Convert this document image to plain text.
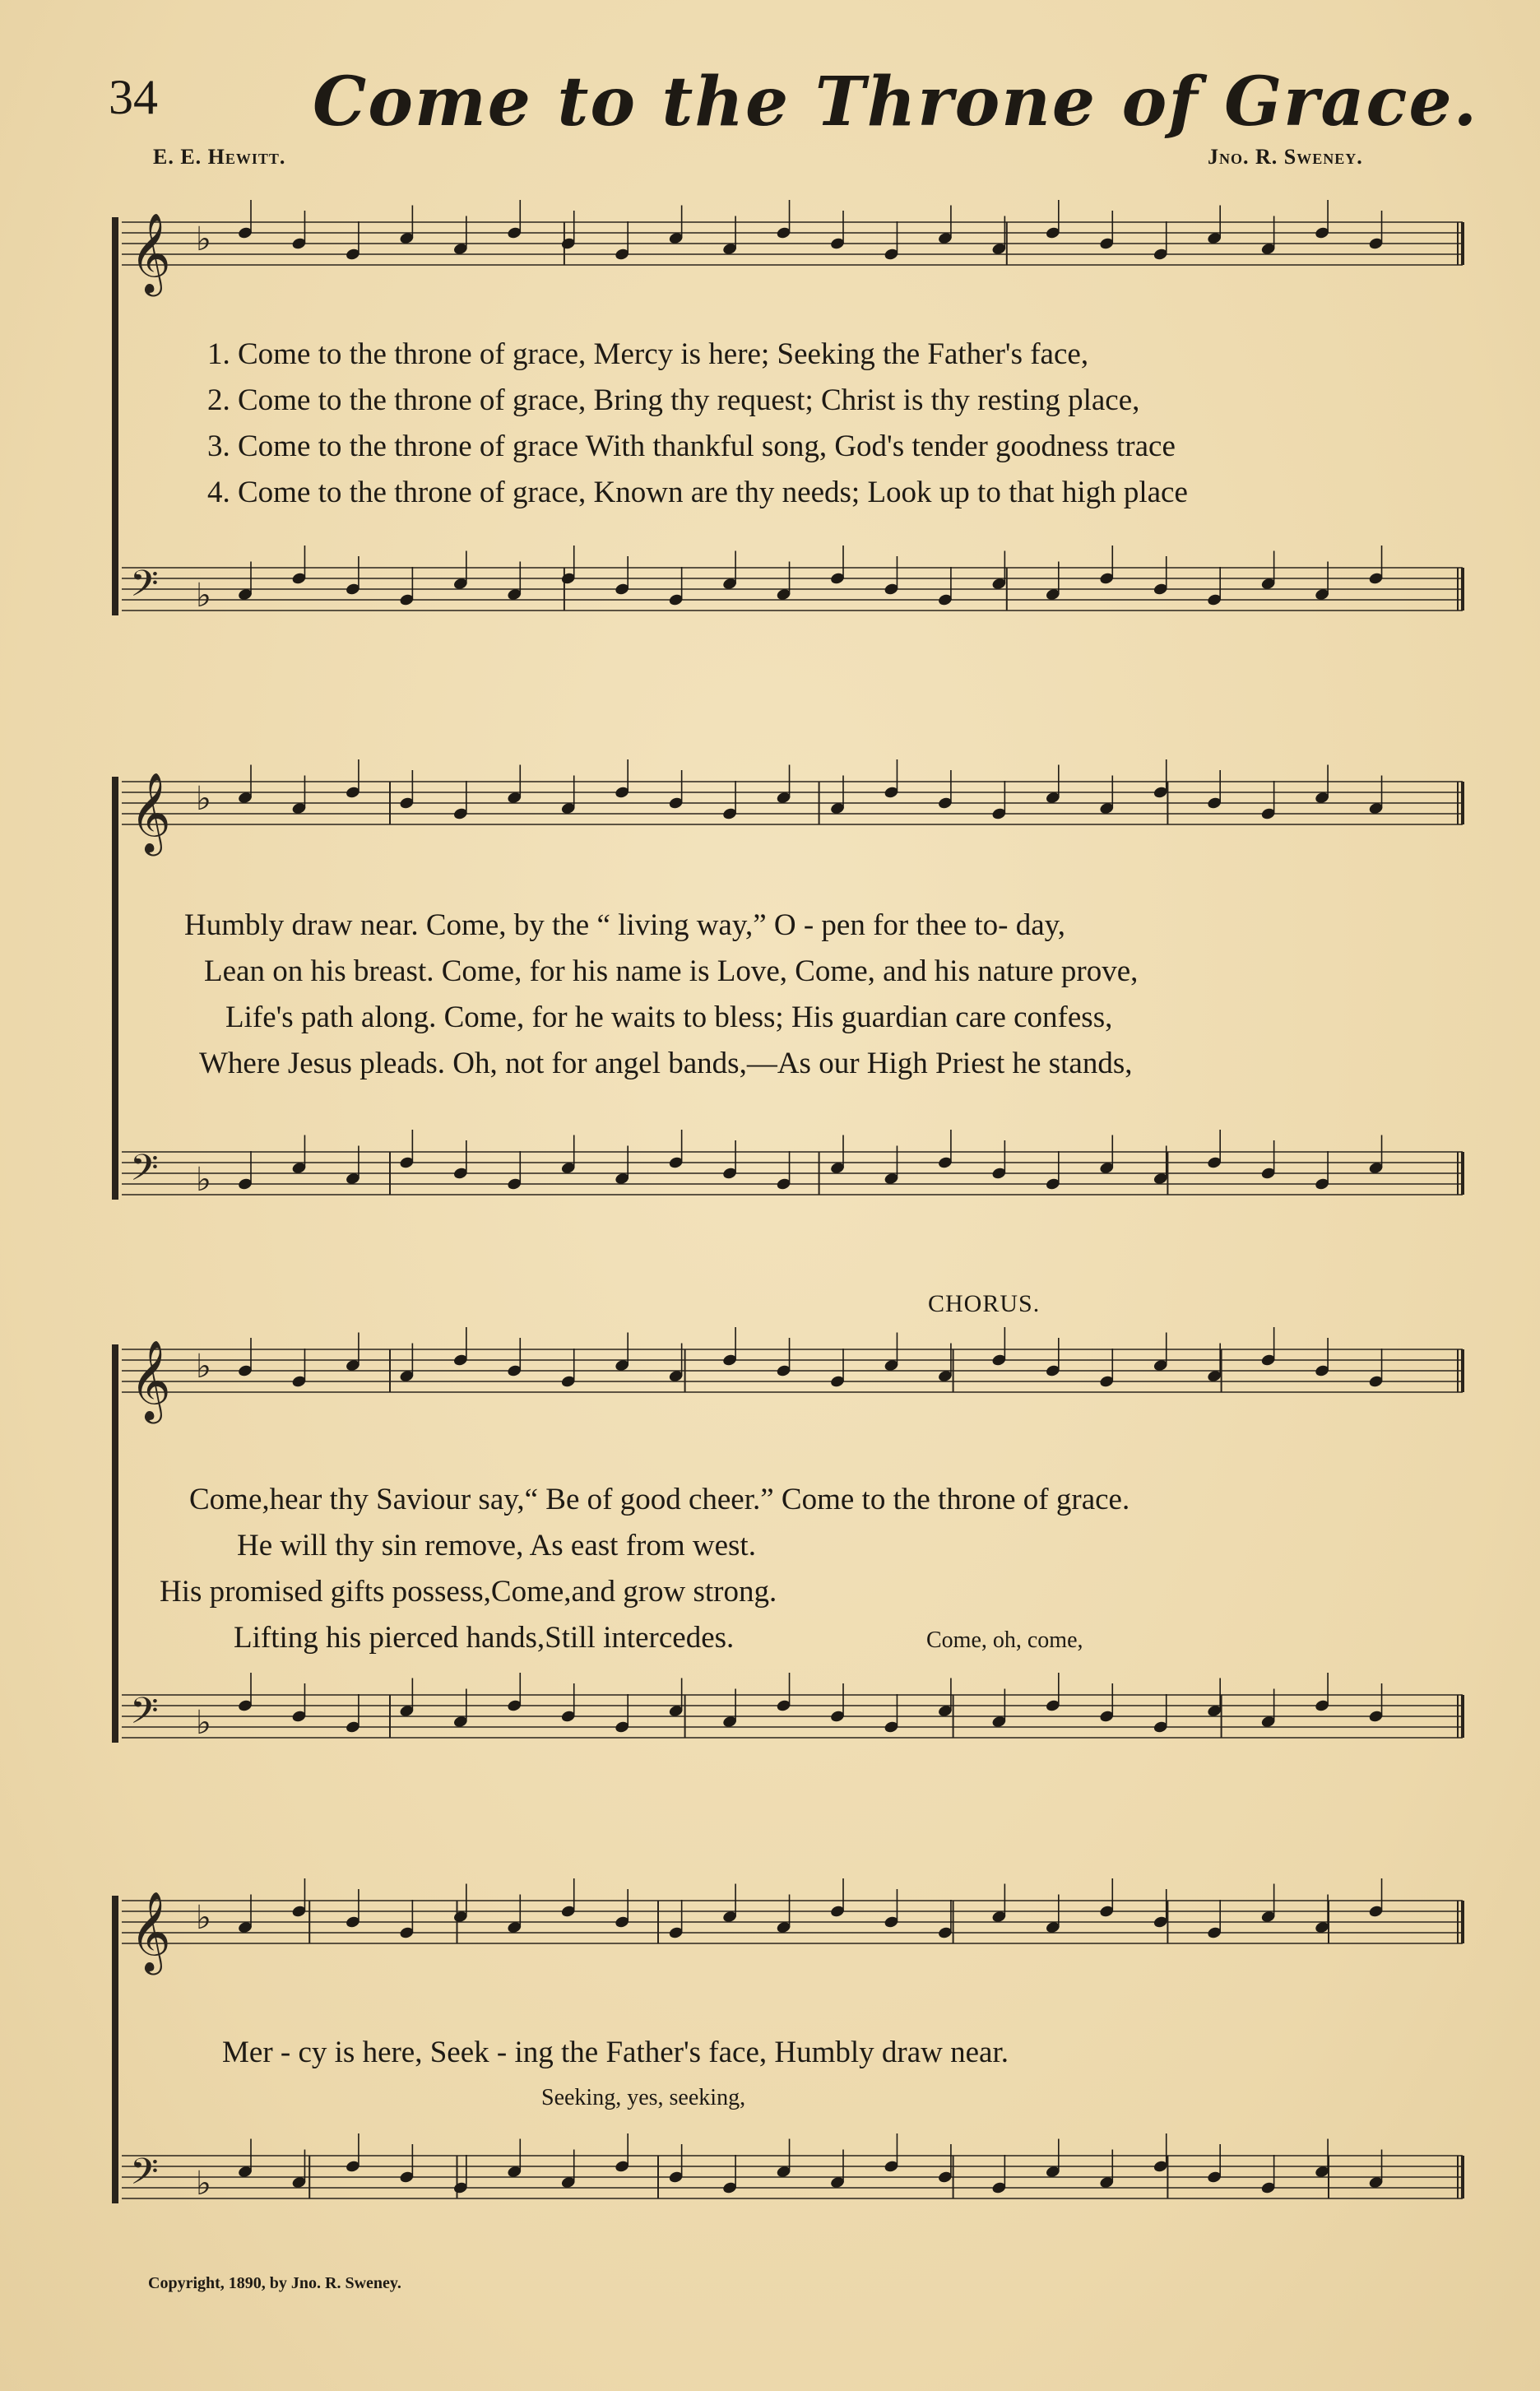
34 Come to the Throne of Grace.
E. E. Hewitt.	Jno. R. Sweney.
𝄞 ♭
𝄢 ♭
1. Come to the throne of grace, Mercy is here; Seeking the Father's face,
2. Come to the throne of grace, Bring thy request; Christ is thy resting place,
3. Come to the throne of grace With thankful song, God's tender goodness trace
4. Come to the throne of grace, Known are thy needs; Look up to that high place
𝄞 ♭
𝄢 ♭
Humbly draw near. Come, by the “ living way,” O - pen for thee to- day,
Lean on his breast. Come, for his name is Love, Come, and his nature prove,
Life's path along. Come, for he waits to bless; His guardian care confess,
Where Jesus pleads. Oh, not for angel bands,—As our High Priest he stands,
CHORUS.
𝄞 ♭
𝄢 ♭
Come,hear thy Saviour say,“ Be of good cheer.” Come to the throne of grace.
He will thy sin remove, As east from west.
His promised gifts possess,Come,and grow strong.
Lifting his pierced hands,Still intercedes.	Come, oh, come,
𝄞 ♭
𝄢 ♭
Mer - cy is here, Seek - ing the Father's face, Humbly draw near.
Seeking, yes, seeking,
Copyright, 1890, by Jno. R. Sweney.
